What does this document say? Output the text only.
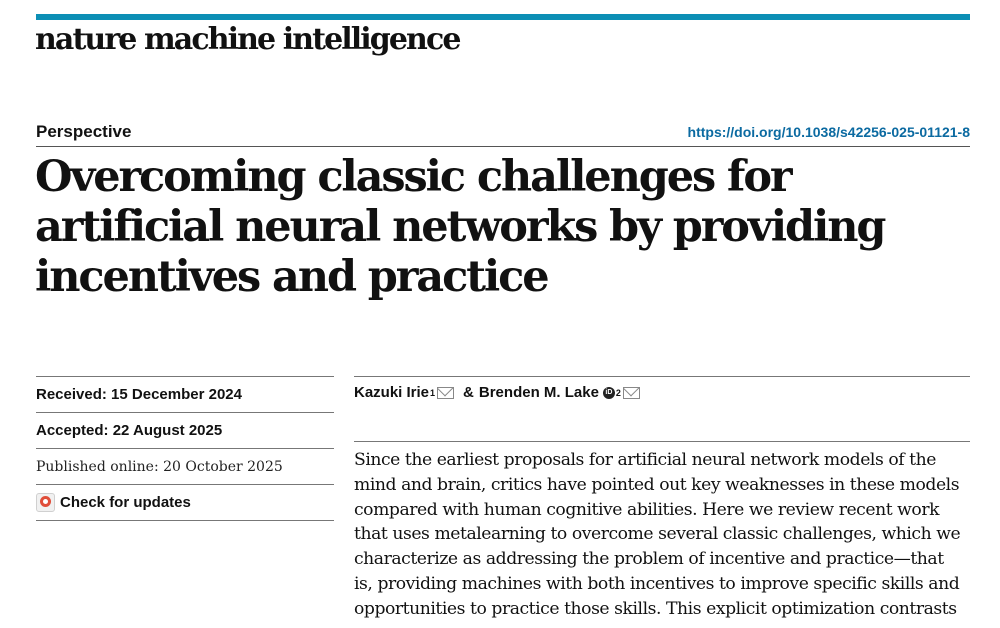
nature machine intelligence
Perspective	https://doi.org/10.1038/s42256-025-01121-8
Overcoming classic challenges for artificial neural networks by providing incentives and practice
Received:
15 December 2024
Accepted:
22 August 2025
Published online: 20 October 2025
Check for updates
Kazuki Irie 1 & Brenden M. Lake iD 2
Since the earliest proposals for artificial neural network models of the
mind and brain, critics have pointed out key weaknesses in these models
compared with human cognitive abilities. Here we review recent work
that uses metalearning to overcome several classic challenges, which we
characterize as addressing the problem of incentive and practice—that
is, providing machines with both incentives to improve specific skills and
opportunities to practice those skills. This explicit optimization contrasts
